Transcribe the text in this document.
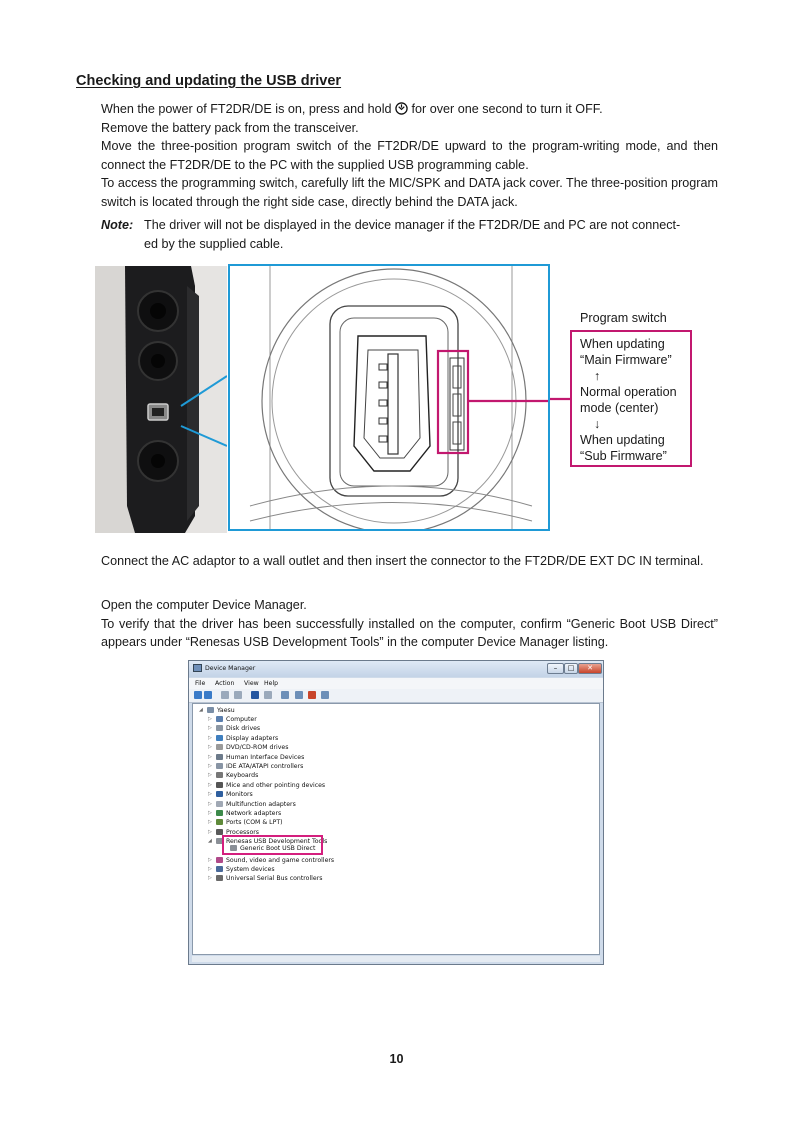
Checking and updating the USB driver

When the power of FT2DR/DE is on, press and hold  for over one second to turn it OFF.

Remove the battery pack from the transceiver.

Move the three-position program switch of the FT2DR/DE upward to the program-writing mode, and then connect the FT2DR/DE to the PC with the supplied USB programming cable.

To access the programming switch, carefully lift the MIC/SPK and DATA jack cover. The three-position program switch is located through the right side case, directly behind the DATA jack.

Note: The driver will not be displayed in the device manager if the FT2DR/DE and PC are not connect-

ed by the supplied cable.
Program switch
When updating
“Main Firmware”

↑
Normal operation
mode (center)

↓
When updating
“Sub Firmware”
Connect the AC adaptor to a wall outlet and then insert the connector to the FT2DR/DE EXT DC IN terminal.

Open the computer Device Manager.

To verify that the driver has been successfully installed on the computer, confirm “Generic Boot USB Direct” appears under “Renesas USB Development Tools” in the computer Device Manager listing.

Device Manager	–	□	✕
File Action View Help
◢	Yaesu
▷	Computer
▷	Disk drives
▷	Display adapters
▷	DVD/CD-ROM drives
▷	Human Interface Devices
▷	IDE ATA/ATAPI controllers
▷	Keyboards
▷	Mice and other pointing devices
▷	Monitors
▷	Multifunction adapters
▷	Network adapters
▷	Ports (COM & LPT)
▷	Processors
◢	Renesas USB Development Tools
▷	Sound, video and game controllers
▷	System devices
▷	Universal Serial Bus controllers
Generic Boot USB Direct
10
